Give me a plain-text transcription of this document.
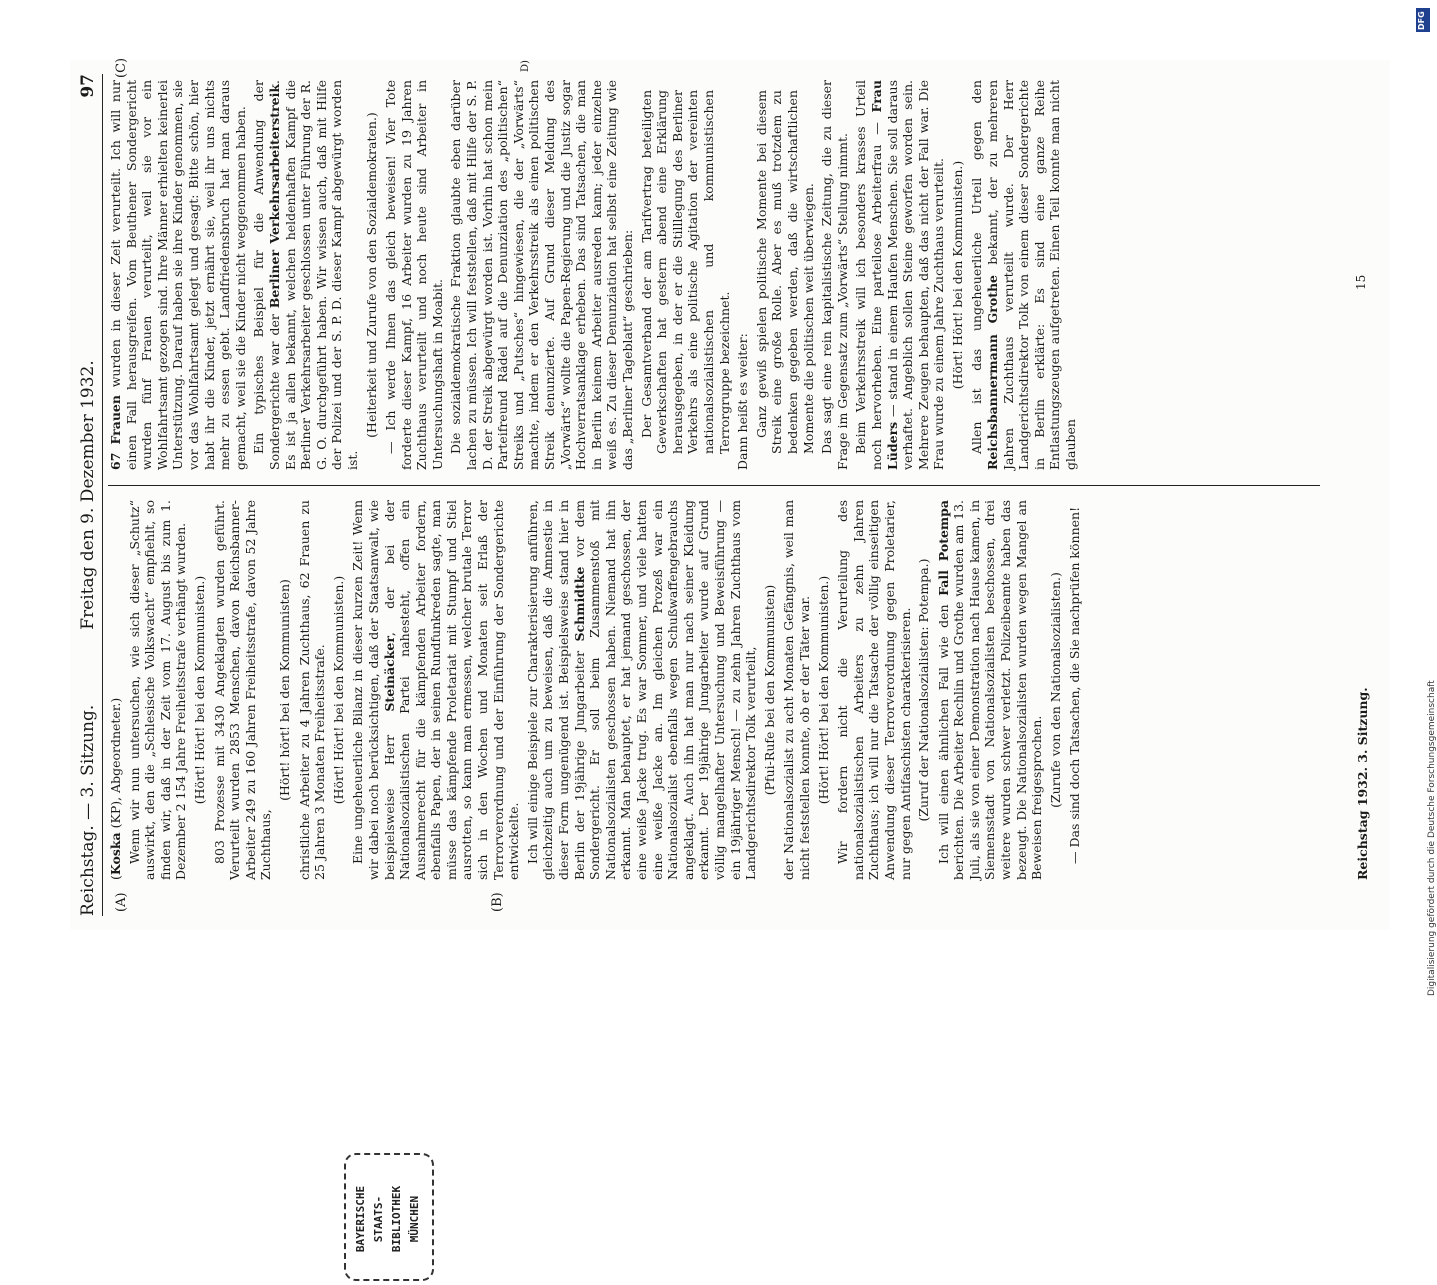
Reichstag. — 3. Sitzung.
Freitag den 9. Dezember 1932.
97
(A)	(B)
(C)	D)

(Koska (KP), Abgeordneter.) Wenn wir nun untersuchen, wie sich dieser „Schutz“ auswirkt, den die „Schlesische Volkswacht“ empfiehlt, so finden wir, daß in der Zeit vom 17. August bis zum 1. Dezember 2 154 Jahre Freiheitsstrafe verhängt wurden. (Hört! Hört! bei den Kommunisten.) 803 Prozesse mit 3430 Angeklagten wurden geführt. Verurteilt wurden 2853 Menschen, davon Reichsbanner-Arbeiter 249 zu 160 Jahren Freiheitsstrafe, davon 52 Jahre Zuchthaus,

(Hört! hört! bei den Kommunisten) christliche Arbeiter zu 4 Jahren Zuchthaus, 62 Frauen zu 25 Jahren 3 Monaten Freiheitsstrafe. (Hört! Hört! bei den Kommunisten.) Eine ungeheuerliche Bilanz in dieser kurzen Zeit! Wenn wir dabei noch berücksichtigen, daß der Staatsanwalt, wie beispielsweise Herr Steinäcker, der bei der Nationalsozialistischen Partei nahesteht, offen ein Ausnahmerecht für die kämpfenden Arbeiter fordern, ebenfalls Papen, der in seinen Rundfunkreden sagte, man müsse das kämpfende Proletariat mit Stumpf und Stiel ausrotten, so kann man ermessen, welcher brutale Terror sich in den Wochen und Monaten seit Erlaß der Terrorverordnung und der Einführung der Sondergerichte entwickelte. Ich will einige Beispiele zur Charakterisierung anführen, gleichzeitig auch um zu beweisen, daß die Amnestie in dieser Form ungenügend ist. Beispielsweise stand hier in Berlin der 19jährige Jungarbeiter Schmidtke vor dem Sondergericht. Er soll beim Zusammenstoß mit Nationalsozialisten geschossen haben. Niemand hat ihn erkannt. Man behauptet, er hat jemand geschossen, der eine weiße Jacke trug. Es war Sommer, und viele hatten eine weiße Jacke an. Im gleichen Prozeß war ein Nationalsozialist ebenfalls wegen Schußwaffengebrauchs angeklagt. Auch ihn hat man nur nach seiner Kleidung erkannt. Der 19jährige Jungarbeiter wurde auf Grund völlig mangelhafter Untersuchung und Beweisführung — ein 19jähriger Mensch! — zu zehn Jahren Zuchthaus vom Landgerichtsdirektor Tolk verurteilt, (Pfui-Rufe bei den Kommunisten) der Nationalsozialist zu acht Monaten Gefängnis, weil man nicht feststellen konnte, ob er der Täter war. (Hört! Hört! bei den Kommunisten.) Wir fordern nicht die Verurteilung des nationalsozialistischen Arbeiters zu zehn Jahren Zuchthaus; ich will nur die Tatsache der völlig einseitigen Anwendung dieser Terrorverordnung gegen Proletarier, nur gegen Antifaschisten charakterisieren. (Zuruf der Nationalsozialisten: Potempa.) Ich will einen ähnlichen Fall wie den Fall Potempa berichten. Die Arbeiter Rechlin und Grothe wurden am 13. Juli, als sie von einer Demonstration nach Hause kamen, in Siemensstadt von Nationalsozialisten beschossen, drei weitere wurden schwer verletzt. Polizeibeamte haben das bezeugt. Die Nationalsozialisten wurden wegen Mangel an Beweisen freigesprochen. (Zurufe von den Nationalsozialisten.) — Das sind doch Tatsachen, die Sie nachprüfen können!

67 Frauen wurden in dieser Zeit verurteilt. Ich will nur einen Fall herausgreifen. Vom Beuthener Sondergericht wurden fünf Frauen verurteilt, weil sie vor ein Wohlfahrtsamt gezogen sind. Ihre Männer erhielten keinerlei Unterstützung. Darauf haben sie ihre Kinder genommen, sie vor das Wohlfahrtsamt gelegt und gesagt: Bitte schön, hier habt ihr die Kinder, jetzt ernährt sie, weil ihr uns nichts mehr zu essen gebt. Landfriedensbruch hat man daraus gemacht, weil sie die Kinder nicht weggenommen haben. Ein typisches Beispiel für die Anwendung der Sondergerichte war der Berliner Verkehrsarbeiterstreik. Es ist ja allen bekannt, welchen heldenhaften Kampf die Berliner Verkehrsarbeiter geschlossen unter Führung der R. G. O. durchgeführt haben. Wir wissen auch, daß mit Hilfe der Polizei und der S. P. D. dieser Kampf abgewürgt worden ist.

(Heiterkeit und Zurufe von den Sozialdemokraten.) — Ich werde Ihnen das gleich beweisen! Vier Tote forderte dieser Kampf, 16 Arbeiter wurden zu 19 Jahren Zuchthaus verurteilt und noch heute sind Arbeiter in Untersuchungshaft in Moabit. Die sozialdemokratische Fraktion glaubte eben darüber lachen zu müssen. Ich will feststellen, daß mit Hilfe der S. P. D. der Streik abgewürgt worden ist. Vorhin hat schon mein Parteifreund Rädel auf die Denunziation des „politischen“ Streiks und „Putsches“ hingewiesen, die der „Vorwärts“ machte, indem er den Verkehrsstreik als einen politischen Streik denunzierte. Auf Grund dieser Meldung des „Vorwärts“ wollte die Papen-Regierung und die Justiz sogar Hochverratsanklage erheben. Das sind Tatsachen, die man in Berlin keinem Arbeiter ausreden kann; jeder einzelne weiß es. Zu dieser Denunziation hat selbst eine Zeitung wie das „Berliner Tageblatt“ geschrieben: Der Gesamtverband der am Tarifvertrag beteiligten Gewerkschaften hat gestern abend eine Erklärung herausgegeben, in der er die Stilllegung des Berliner Verkehrs als eine politische Agitation der vereinten nationalsozialistischen und kommunistischen Terrorgruppe bezeichnet. Dann heißt es weiter: Ganz gewiß spielen politische Momente bei diesem Streik eine große Rolle. Aber es muß trotzdem zu bedenken gegeben werden, daß die wirtschaftlichen Momente die politischen weit überwiegen. Das sagt eine rein kapitalistische Zeitung, die zu dieser Frage im Gegensatz zum „Vorwärts“ Stellung nimmt. Beim Verkehrsstreik will ich besonders krasses Urteil noch hervorheben. Eine parteilose Arbeiterfrau — Frau Lüders — stand in einem Haufen Menschen. Sie soll daraus verhaftet. Angeblich sollen Steine geworfen worden sein. Mehrere Zeugen behaupten, daß das nicht der Fall war. Die Frau wurde zu einem Jahre Zuchthaus verurteilt. (Hört! Hört! bei den Kommunisten.) Allen ist das ungeheuerliche Urteil gegen den Reichsbannermann Grothe bekannt, der zu mehreren Jahren Zuchthaus verurteilt wurde. Der Herr Landgerichtsdirektor Tolk von einem dieser Sondergerichte in Berlin erklärte: Es sind eine ganze Reihe Entlastungszeugen aufgetreten. Einen Teil konnte man nicht glauben

Reichstag 1932. 3. Sitzung.
15
BAYERISCHE STAATS- BIBLIOTHEK MÜNCHEN
Digitalisierung gefördert durch die Deutsche Forschungsgemeinschaft
DFG
